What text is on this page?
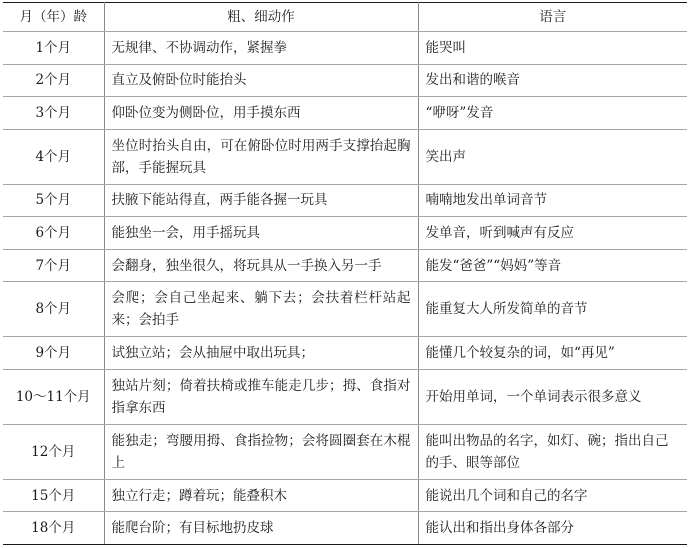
月（年）龄	粗、细动作	语言
1个月	无规律、不协调动作，紧握拳	能哭叫
2个月	直立及俯卧位时能抬头	发出和谐的喉音
3个月	仰卧位变为侧卧位，用手摸东西	“咿呀”发音
4个月	坐位时抬头自由，可在俯卧位时用两手支撑抬起胸部，手能握玩具	笑出声
5个月	扶腋下能站得直，两手能各握一玩具	喃喃地发出单词音节
6个月	能独坐一会，用手摇玩具	发单音，听到喊声有反应
7个月	会翻身，独坐很久，将玩具从一手换入另一手	能发“爸爸”“妈妈”等音
8个月	会爬；会自己坐起来、躺下去；会扶着栏杆站起来；会拍手	能重复大人所发简单的音节
9个月	试独立站；会从抽屉中取出玩具；	能懂几个较复杂的词，如“再见”
10～11个月	独站片刻；倚着扶椅或推车能走几步；拇、食指对指拿东西	开始用单词，一个单词表示很多意义
12个月	能独走；弯腰用拇、食指捡物；会将圆圈套在木棍上	能叫出物品的名字，如灯、碗；指出自己的手、眼等部位
15个月	独立行走；蹲着玩；能叠积木	能说出几个词和自己的名字
18个月	能爬台阶；有目标地扔皮球	能认出和指出身体各部分
